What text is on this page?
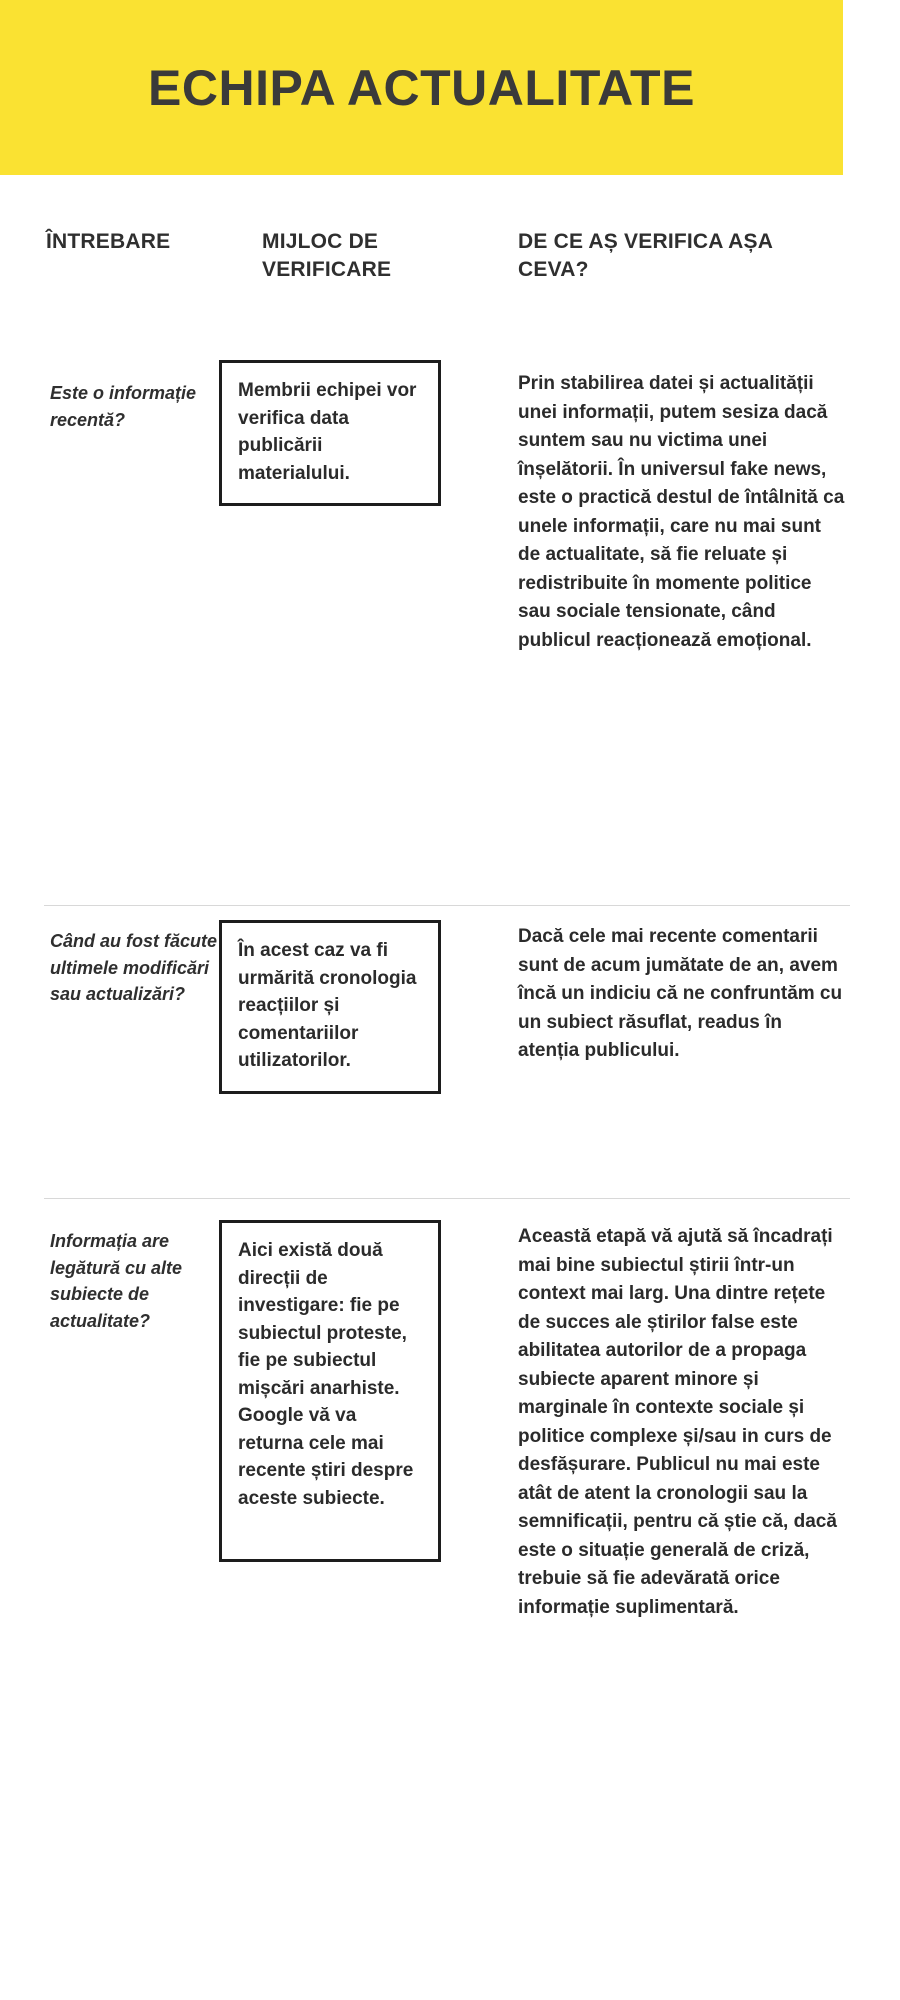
ECHIPA ACTUALITATE
ÎNTREBARE	MIJLOC DE VERIFICARE
DE CE AȘ VERIFICA AȘA CEVA?
Este o informație recentă?
Membrii echipei vor verifica data publicării materialului.
Prin stabilirea datei și actualității unei informații, putem sesiza dacă suntem sau nu victima unei înșelătorii. În universul fake news, este o practică destul de întâlnită ca unele informații, care nu mai sunt de actualitate, să fie reluate și redistribuite în momente politice sau sociale tensionate, când publicul reacționează emoțional.
Când au fost făcute ultimele modificări sau actualizări?
În acest caz va fi urmărită cronologia reacțiilor și comentariilor utilizatorilor.
Dacă cele mai recente comentarii sunt de acum jumătate de an, avem încă un indiciu că ne confruntăm cu un subiect răsuflat, readus în atenția publicului.
Informația are legătură cu alte subiecte de actualitate?
Aici există două direcții de investigare: fie pe subiectul proteste, fie pe subiectul mișcări anarhiste. Google vă va returna cele mai recente știri despre aceste subiecte.
Această etapă vă ajută să încadrați mai bine subiectul știrii într-un context mai larg. Una dintre rețete de succes ale știrilor false este abilitatea autorilor de a propaga subiecte aparent minore și marginale în contexte sociale și politice complexe și/sau in curs de desfășurare. Publicul nu mai este atât de atent la cronologii sau la semnificații, pentru că știe că, dacă este o situație generală de criză, trebuie să fie adevărată orice informație suplimentară.
